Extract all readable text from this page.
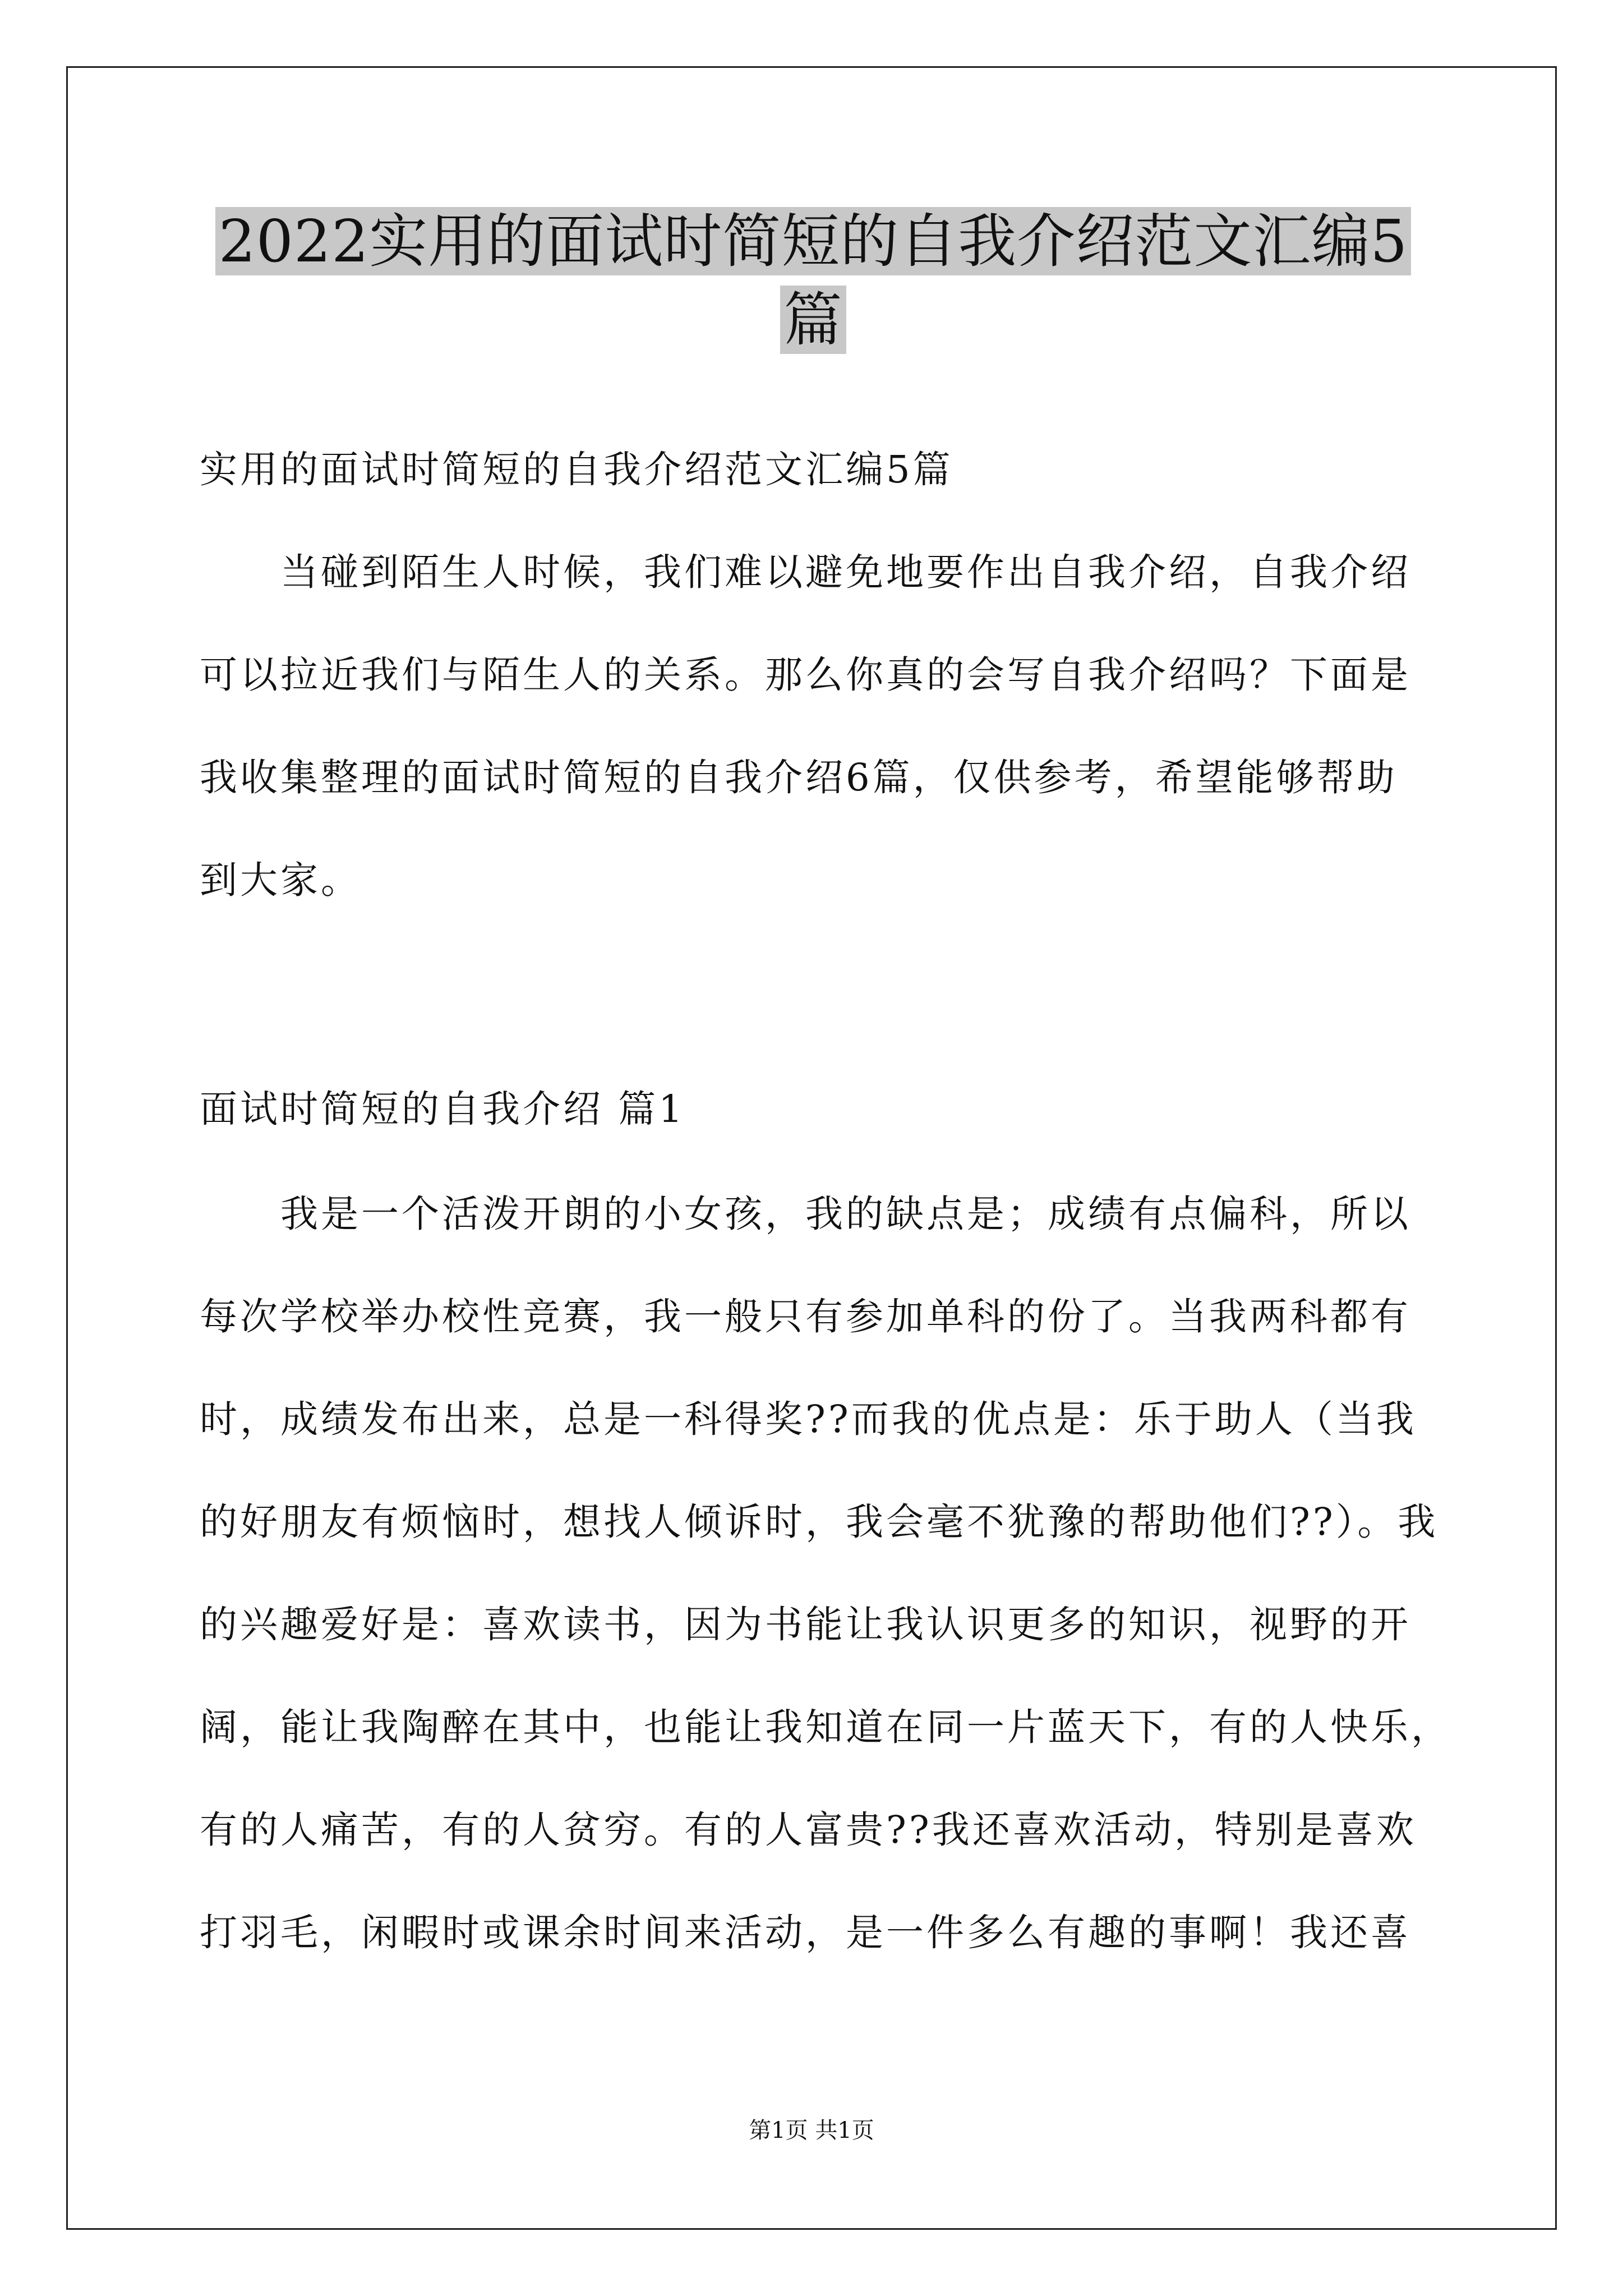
2022实用的面试时简短的自我介绍范文汇编5
篇
实用的面试时简短的自我介绍范文汇编5篇
当碰到陌生人时候，我们难以避免地要作出自我介绍，自我介绍
可以拉近我们与陌生人的关系。那么你真的会写自我介绍吗？下面是
我收集整理的面试时简短的自我介绍6篇，仅供参考，希望能够帮助
到大家。
面试时简短的自我介绍 篇1
我是一个活泼开朗的小女孩，我的缺点是；成绩有点偏科，所以
每次学校举办校性竞赛，我一般只有参加单科的份了。当我两科都有
时，成绩发布出来，总是一科得奖??而我的优点是：乐于助人（当我
的好朋友有烦恼时，想找人倾诉时，我会毫不犹豫的帮助他们??）。我
的兴趣爱好是：喜欢读书，因为书能让我认识更多的知识，视野的开
阔，能让我陶醉在其中，也能让我知道在同一片蓝天下，有的人快乐，
有的人痛苦，有的人贫穷。有的人富贵??我还喜欢活动，特别是喜欢
打羽毛，闲暇时或课余时间来活动，是一件多么有趣的事啊！我还喜
第1页 共1页
